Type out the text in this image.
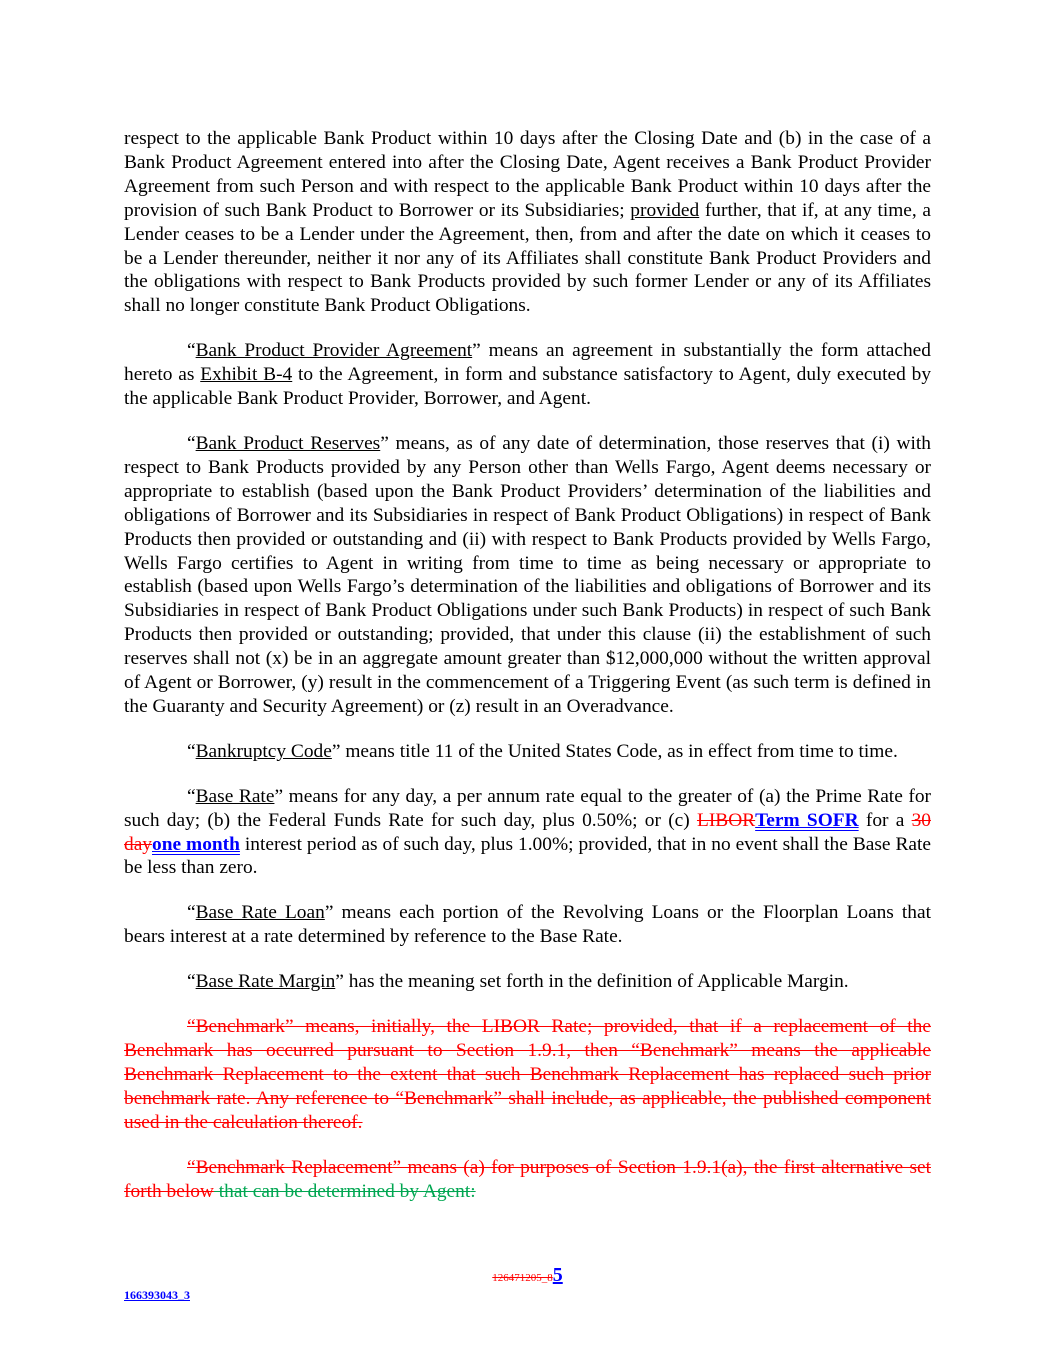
respect to the applicable Bank Product within 10 days after the Closing Date and (b) in the case of a Bank Product Agreement entered into after the Closing Date, Agent receives a Bank Product Provider Agreement from such Person and with respect to the applicable Bank Product within 10 days after the provision of such Bank Product to Borrower or its Subsidiaries; provided further, that if, at any time, a Lender ceases to be a Lender under the Agreement, then, from and after the date on which it ceases to be a Lender thereunder, neither it nor any of its Affiliates shall constitute Bank Product Providers and the obligations with respect to Bank Products provided by such former Lender or any of its Affiliates shall no longer constitute Bank Product Obligations.

“Bank Product Provider Agreement” means an agreement in substantially the form attached hereto as Exhibit B-4 to the Agreement, in form and substance satisfactory to Agent, duly executed by the applicable Bank Product Provider, Borrower, and Agent.

“Bank Product Reserves” means, as of any date of determination, those reserves that (i) with respect to Bank Products provided by any Person other than Wells Fargo, Agent deems necessary or appropriate to establish (based upon the Bank Product Providers’ determination of the liabilities and obligations of Borrower and its Subsidiaries in respect of Bank Product Obligations) in respect of Bank Products then provided or outstanding and (ii) with respect to Bank Products provided by Wells Fargo, Wells Fargo certifies to Agent in writing from time to time as being necessary or appropriate to establish (based upon Wells Fargo’s determination of the liabilities and obligations of Borrower and its Subsidiaries in respect of Bank Product Obligations under such Bank Products) in respect of such Bank Products then provided or outstanding; provided, that under this clause (ii) the establishment of such reserves shall not (x) be in an aggregate amount greater than $12,000,000 without the written approval of Agent or Borrower, (y) result in the commencement of a Triggering Event (as such term is defined in the Guaranty and Security Agreement) or (z) result in an Overadvance.

“Bankruptcy Code” means title 11 of the United States Code, as in effect from time to time.

“Base Rate” means for any day, a per annum rate equal to the greater of (a) the Prime Rate for such day; (b) the Federal Funds Rate for such day, plus 0.50%; or (c) LIBORTerm SOFR for a 30 dayone month interest period as of such day, plus 1.00%; provided, that in no event shall the Base Rate be less than zero.

“Base Rate Loan” means each portion of the Revolving Loans or the Floorplan Loans that bears interest at a rate determined by reference to the Base Rate.

“Base Rate Margin” has the meaning set forth in the definition of Applicable Margin.

“Benchmark” means, initially, the LIBOR Rate; provided, that if a replacement of the Benchmark has occurred pursuant to Section 1.9.1, then “Benchmark” means the applicable Benchmark Replacement to the extent that such Benchmark Replacement has replaced such prior benchmark rate. Any reference to “Benchmark” shall include, as applicable, the published component used in the calculation thereof.

“Benchmark Replacement” means (a) for purposes of Section 1.9.1(a), the first alternative set forth below that can be determined by Agent:

126471205_85
166393043_3
